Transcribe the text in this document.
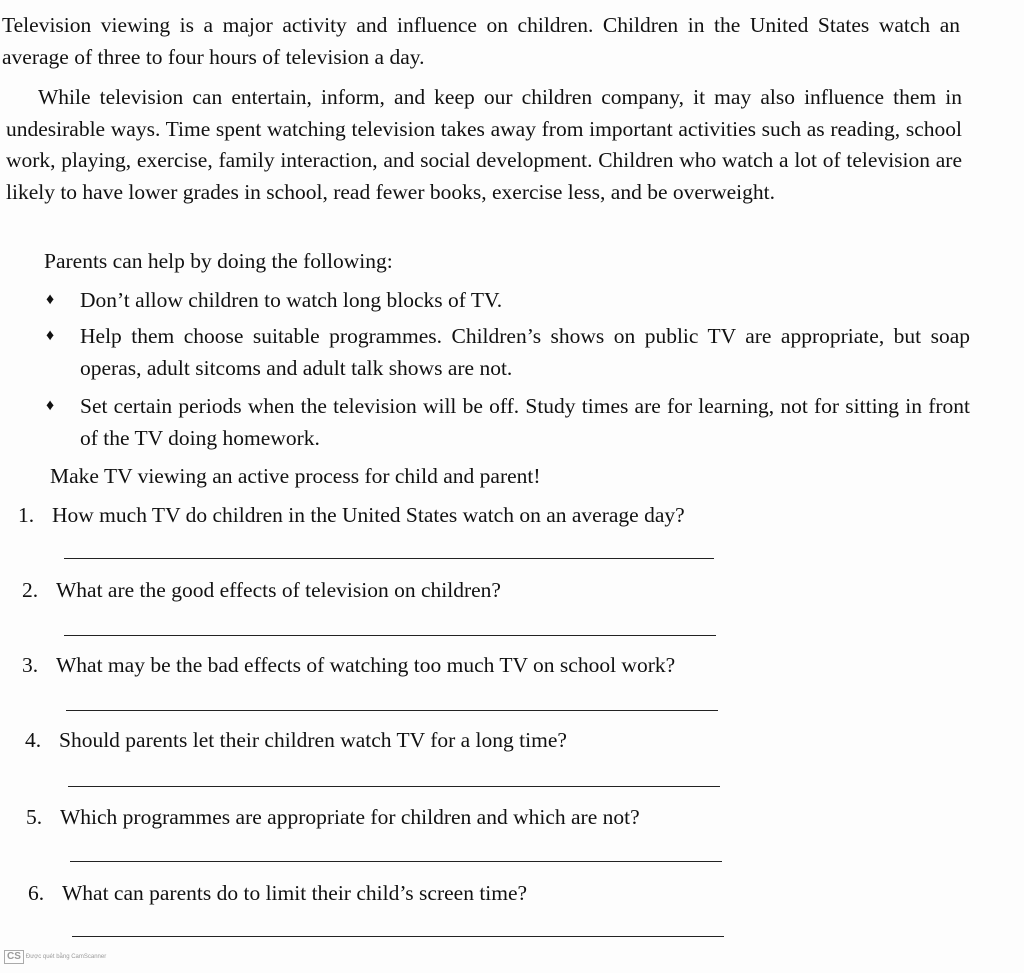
Television viewing is a major activity and influence on children. Children in the United States watch an average of three to four hours of television a day.

While television can entertain, inform, and keep our children company, it may also influence them in undesirable ways. Time spent watching television takes away from important activities such as reading, school work, playing, exercise, family interaction, and social development. Children who watch a lot of television are likely to have lower grades in school, read fewer books, exercise less, and be overweight.

Parents can help by doing the following:

♦ Don’t allow children to watch long blocks of TV.

♦ Help them choose suitable programmes. Children’s shows on public TV are appropriate, but soap operas, adult sitcoms and adult talk shows are not.

♦ Set certain periods when the television will be off. Study times are for learning, not for sitting in front of the TV doing homework.

Make TV viewing an active process for child and parent!

1. How much TV do children in the United States watch on an average day?
2. What are the good effects of television on children?
3. What may be the bad effects of watching too much TV on school work?
4. Should parents let their children watch TV for a long time?
5. Which programmes are appropriate for children and which are not?
6. What can parents do to limit their child’s screen time?
CS Được quét bằng CamScanner
